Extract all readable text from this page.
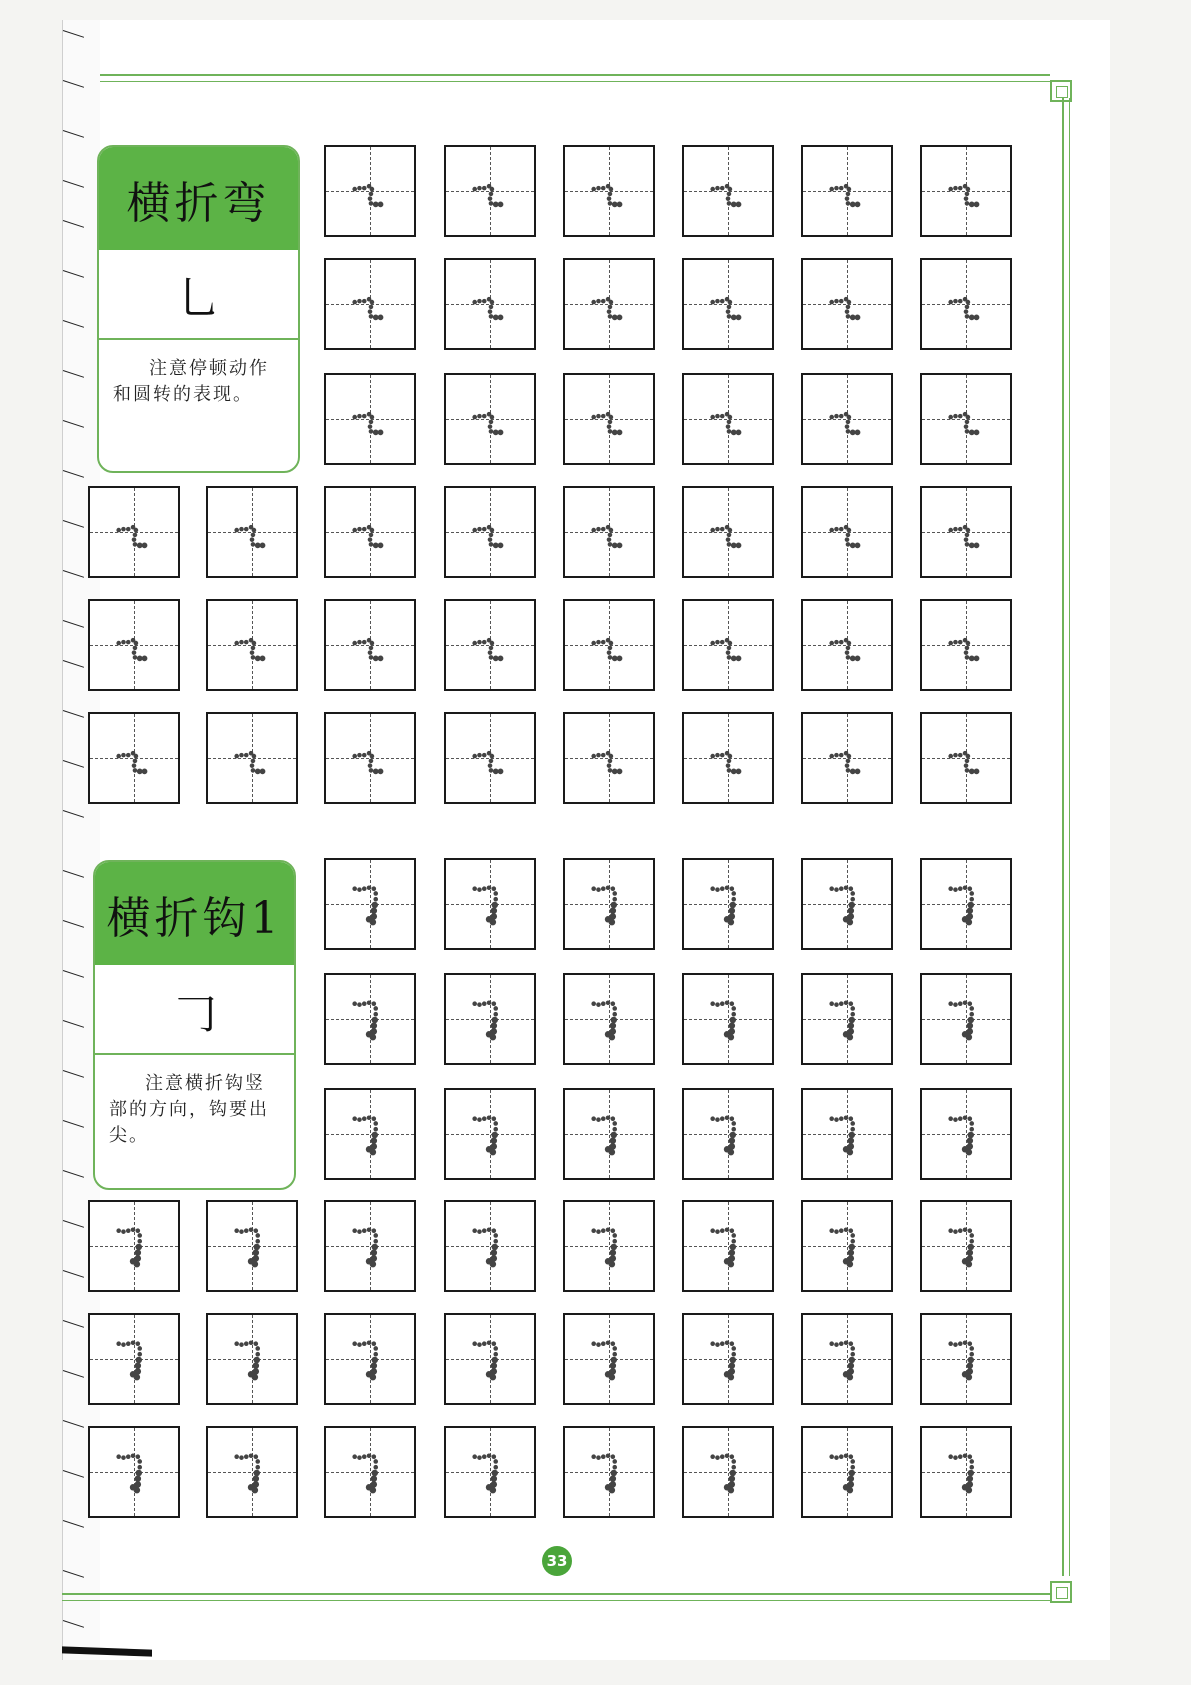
横折弯
乚
注意停顿动作和圆转的表现。
横折钩1
𠃌
注意横折钩竖部的方向，钩要出尖。
33
